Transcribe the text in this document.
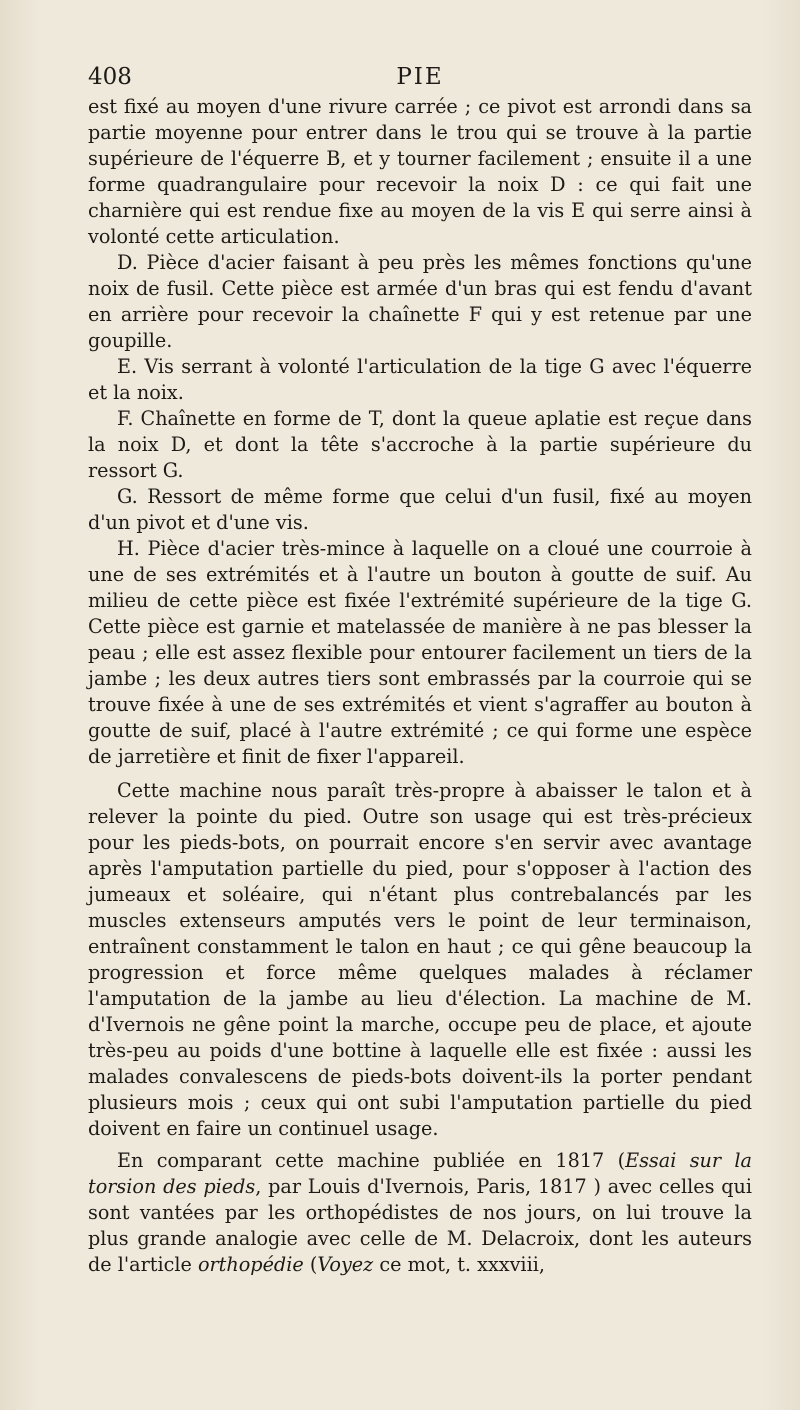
408	PIE

est fixé au moyen d'une rivure carrée ; ce pivot est arrondi dans sa partie moyenne pour entrer dans le trou qui se trouve à la partie supérieure de l'équerre B, et y tourner facilement ; ensuite il a une forme quadrangulaire pour recevoir la noix D : ce qui fait une charnière qui est rendue fixe au moyen de la vis E qui serre ainsi à volonté cette articulation.

D. Pièce d'acier faisant à peu près les mêmes fonctions qu'une noix de fusil. Cette pièce est armée d'un bras qui est fendu d'avant en arrière pour recevoir la chaînette F qui y est retenue par une goupille.

E. Vis serrant à volonté l'articulation de la tige G avec l'équerre et la noix.

F. Chaînette en forme de T, dont la queue aplatie est reçue dans la noix D, et dont la tête s'accroche à la partie supérieure du ressort G.

G. Ressort de même forme que celui d'un fusil, fixé au moyen d'un pivot et d'une vis.

H. Pièce d'acier très-mince à laquelle on a cloué une courroie à une de ses extrémités et à l'autre un bouton à goutte de suif. Au milieu de cette pièce est fixée l'extrémité supérieure de la tige G. Cette pièce est garnie et matelassée de manière à ne pas blesser la peau ; elle est assez flexible pour entourer facilement un tiers de la jambe ; les deux autres tiers sont embrassés par la courroie qui se trouve fixée à une de ses extrémités et vient s'agraffer au bouton à goutte de suif, placé à l'autre extrémité ; ce qui forme une espèce de jarretière et finit de fixer l'appareil.

Cette machine nous paraît très-propre à abaisser le talon et à relever la pointe du pied. Outre son usage qui est très-précieux pour les pieds-bots, on pourrait encore s'en servir avec avantage après l'amputation partielle du pied, pour s'opposer à l'action des jumeaux et soléaire, qui n'étant plus contrebalancés par les muscles extenseurs amputés vers le point de leur terminaison, entraînent constamment le talon en haut ; ce qui gêne beaucoup la progression et force même quelques malades à réclamer l'amputation de la jambe au lieu d'élection. La machine de M. d'Ivernois ne gêne point la marche, occupe peu de place, et ajoute très-peu au poids d'une bottine à laquelle elle est fixée : aussi les malades convalescens de pieds-bots doivent-ils la porter pendant plusieurs mois ; ceux qui ont subi l'amputation partielle du pied doivent en faire un continuel usage.

En comparant cette machine publiée en 1817 (Essai sur la torsion des pieds, par Louis d'Ivernois, Paris, 1817 ) avec celles qui sont vantées par les orthopédistes de nos jours, on lui trouve la plus grande analogie avec celle de M. Delacroix, dont les auteurs de l'article orthopédie (Voyez ce mot, t. xxxviii,
